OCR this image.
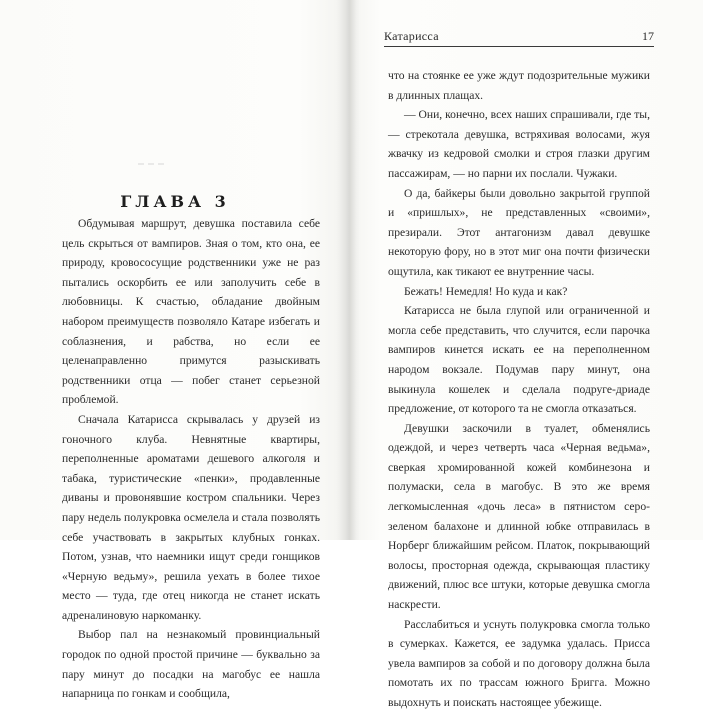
ГЛАВА 3

Обдумывая маршрут, девушка поставила себе цель скрыться от вампиров. Зная о том, кто она, ее природу, кровососущие родственники уже не раз пытались оскорбить ее или заполучить себе в любовницы. К счастью, обладание двойным набором преимуществ позволяло Катаре избегать и соблазнения, и рабства, но если ее целенаправленно примутся разыскивать родственники отца — побег станет серьезной проблемой.

Сначала Катарисса скрывалась у друзей из гоночного клуба. Невнятные квартиры, переполненные ароматами дешевого алкоголя и табака, туристические «пенки», продавленные диваны и провонявшие костром спальники. Через пару недель полукровка осмелела и стала позволять себе участвовать в закрытых клубных гонках. Потом, узнав, что наемники ищут среди гонщиков «Черную ведьму», решила уехать в более тихое место — туда, где отец никогда не станет искать адреналиновую наркоманку.

Выбор пал на незнакомый провинциальный городок по одной простой причине — буквально за пару минут до посадки на магобус ее нашла напарница по гонкам и сообщила,

Катарисса	17

что на стоянке ее уже ждут подозрительные мужики в длинных плащах.

— Они, конечно, всех наших спрашивали, где ты, — стрекотала девушка, встряхивая волосами, жуя жвачку из кедровой смолки и строя глазки другим пассажирам, — но парни их послали. Чужаки.

О да, байкеры были довольно закрытой группой и «пришлых», не представленных «своими», презирали. Этот антагонизм давал девушке некоторую фору, но в этот миг она почти физически ощутила, как тикают ее внутренние часы.

Бежать! Немедля! Но куда и как?

Катарисса не была глупой или ограниченной и могла себе представить, что случится, если парочка вампиров кинется искать ее на переполненном народом вокзале. Подумав пару минут, она выкинула кошелек и сделала подруге-дриаде предложение, от которого та не смогла отказаться.

Девушки заскочили в туалет, обменялись одеждой, и через четверть часа «Черная ведьма», сверкая хромированной кожей комбинезона и полумаски, села в магобус. В это же время легкомысленная «дочь леса» в пятнистом серо-зеленом балахоне и длинной юбке отправилась в Норберг ближайшим рейсом. Платок, покрывающий волосы, просторная одежда, скрывающая пластику движений, плюс все штуки, которые девушка смогла наскрести.

Расслабиться и уснуть полукровка смогла только в сумерках. Кажется, ее задумка удалась. Присса увела вампиров за собой и по договору должна была помотать их по трассам южного Бригга. Можно выдохнуть и поискать настоящее убежище.
